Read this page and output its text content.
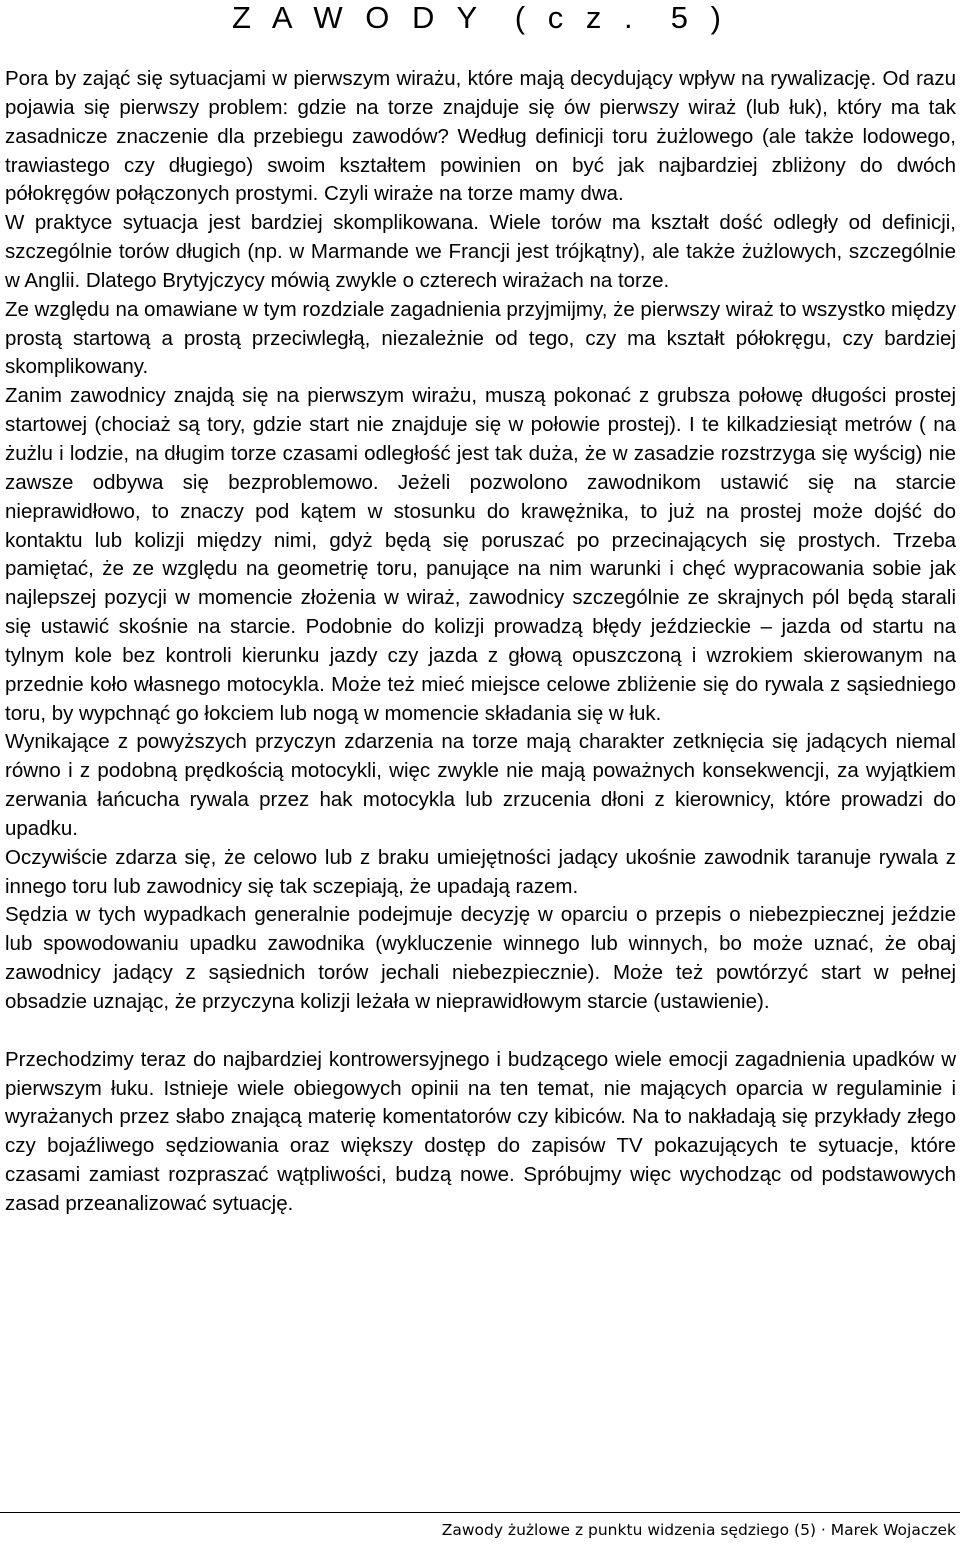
Z A W O D Y  ( c z .  5 )

Pora by zająć się sytuacjami w pierwszym wirażu, które mają decydujący wpływ na rywalizację. Od razu pojawia się pierwszy problem: gdzie na torze znajduje się ów pierwszy wiraż (lub łuk), który ma tak zasadnicze znaczenie dla przebiegu zawodów? Według definicji toru żużlowego (ale także lodowego, trawiastego czy długiego) swoim kształtem powinien on być jak najbardziej zbliżony do dwóch półokręgów połączonych prostymi. Czyli wiraże na torze mamy dwa.

W praktyce sytuacja jest bardziej skomplikowana. Wiele torów ma kształt dość odległy od definicji, szczególnie torów długich (np. w Marmande we Francji jest trójkątny), ale także żużlowych, szczególnie w Anglii. Dlatego Brytyjczycy mówią zwykle o czterech wirażach na torze.

Ze względu na omawiane w tym rozdziale zagadnienia przyjmijmy, że pierwszy wiraż to wszystko między prostą startową a prostą przeciwległą, niezależnie od tego, czy ma kształt półokręgu, czy bardziej skomplikowany.

Zanim zawodnicy znajdą się na pierwszym wirażu, muszą pokonać z grubsza połowę długości prostej startowej (chociaż są tory, gdzie start nie znajduje się w połowie prostej). I te kilkadziesiąt metrów ( na żużlu i lodzie, na długim torze czasami odległość jest tak duża, że w zasadzie rozstrzyga się wyścig) nie zawsze odbywa się bezproblemowo. Jeżeli pozwolono zawodnikom ustawić się na starcie nieprawidłowo, to znaczy pod kątem w stosunku do krawężnika, to już na prostej może dojść do kontaktu lub kolizji między nimi, gdyż będą się poruszać po przecinających się prostych. Trzeba pamiętać, że ze względu na geometrię toru, panujące na nim warunki i chęć wypracowania sobie jak najlepszej pozycji w momencie złożenia w wiraż, zawodnicy szczególnie ze skrajnych pól będą starali się ustawić skośnie na starcie. Podobnie do kolizji prowadzą błędy jeździeckie – jazda od startu na tylnym kole bez kontroli kierunku jazdy czy jazda z głową opuszczoną i wzrokiem skierowanym na przednie koło własnego motocykla. Może też mieć miejsce celowe zbliżenie się do rywala z sąsiedniego toru, by wypchnąć go łokciem lub nogą w momencie składania się w łuk.

Wynikające z powyższych przyczyn zdarzenia na torze mają charakter zetknięcia się jadących niemal równo i z podobną prędkością motocykli, więc zwykle nie mają poważnych konsekwencji, za wyjątkiem zerwania łańcucha rywala przez hak motocykla lub zrzucenia dłoni z kierownicy, które prowadzi do upadku.

Oczywiście zdarza się, że celowo lub z braku umiejętności jadący ukośnie zawodnik taranuje rywala z innego toru lub zawodnicy się tak sczepiają, że upadają razem.

Sędzia w tych wypadkach generalnie podejmuje decyzję w oparciu o przepis o niebezpiecznej jeździe lub spowodowaniu upadku zawodnika (wykluczenie winnego lub winnych, bo może uznać, że obaj zawodnicy jadący z sąsiednich torów jechali niebezpiecznie). Może też powtórzyć start w pełnej obsadzie uznając, że przyczyna kolizji leżała w nieprawidłowym starcie (ustawienie).

Przechodzimy teraz do najbardziej kontrowersyjnego i budzącego wiele emocji zagadnienia upadków w pierwszym łuku. Istnieje wiele obiegowych opinii na ten temat, nie mających oparcia w regulaminie i wyrażanych przez słabo znającą materię komentatorów czy kibiców. Na to nakładają się przykłady złego czy bojaźliwego sędziowania oraz większy dostęp do zapisów TV pokazujących te sytuacje, które czasami zamiast rozpraszać wątpliwości, budzą nowe. Spróbujmy więc wychodząc od podstawowych zasad przeanalizować sytuację.

Zawody żużlowe z punktu widzenia sędziego (5) · Marek Wojaczek
